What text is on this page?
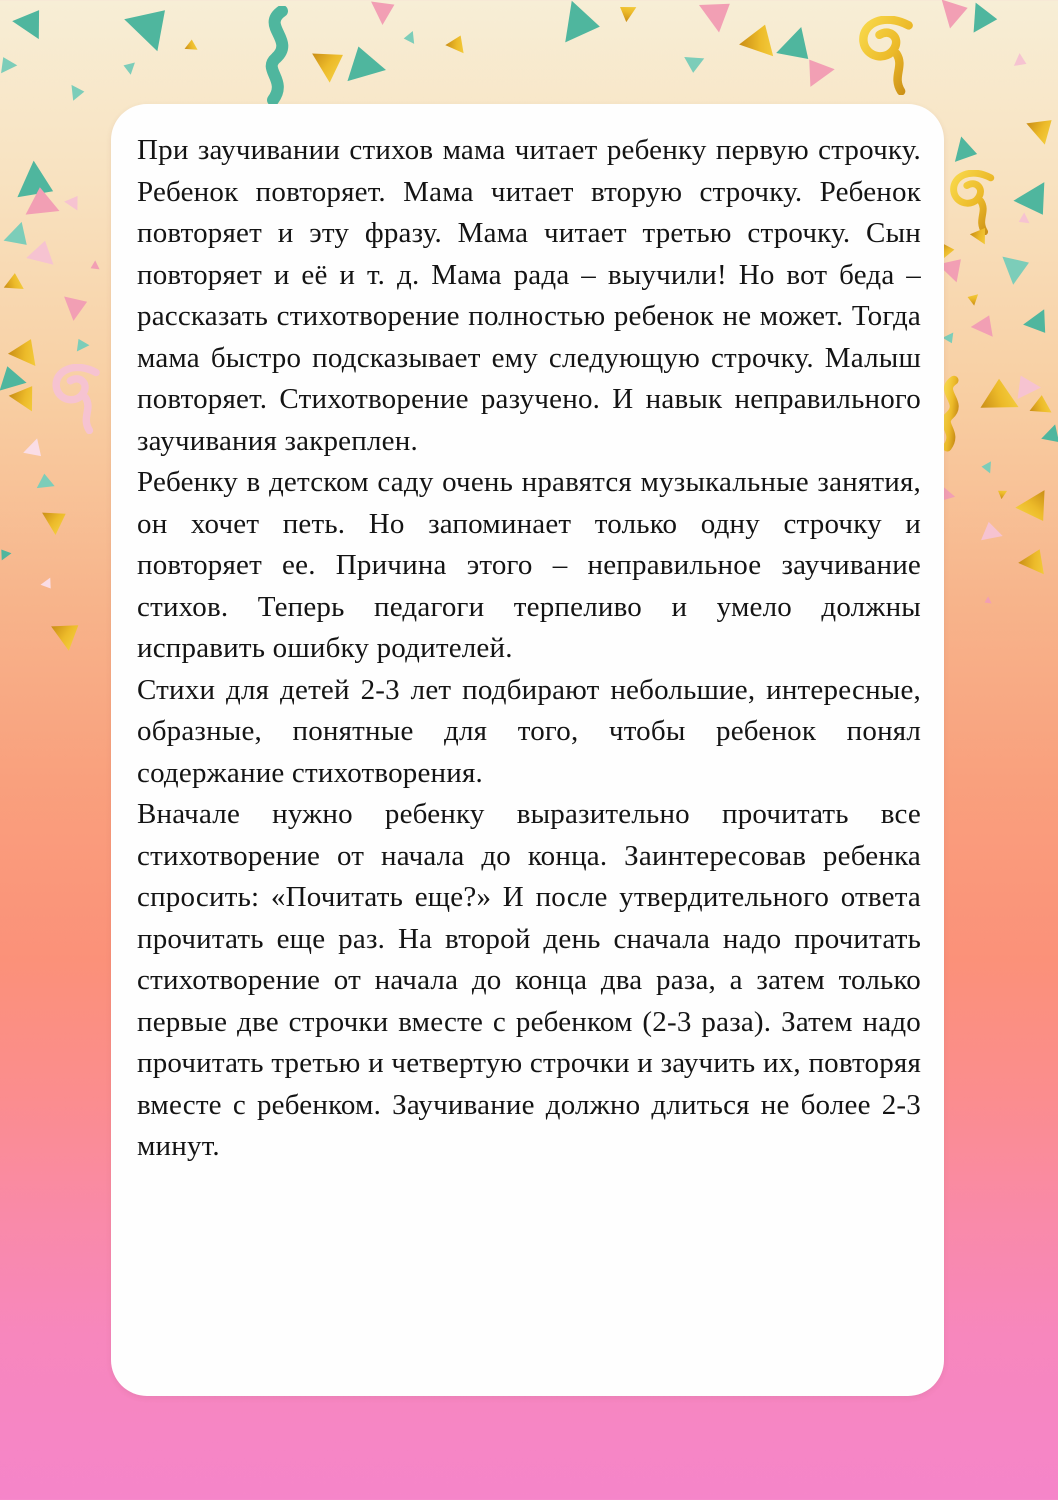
При заучивании стихов мама читает ребенку первую строчку. Ребенок повторяет. Мама читает вторую строчку. Ребенок повторяет и эту фразу. Мама читает третью строчку. Сын повторяет и её и т. д. Мама рада – выучили! Но вот беда – рассказать стихотворение полностью ребенок не может. Тогда мама быстро подсказывает ему следующую строчку. Малыш повторяет. Стихотворение разучено. И навык неправильного заучивания закреплен.

Ребенку в детском саду очень нравятся музыкальные занятия, он хочет петь. Но запоминает только одну строчку и повторяет ее. Причина этого – неправильное заучивание стихов. Теперь педагоги терпеливо и умело должны исправить ошибку родителей.

Стихи для детей 2-3 лет подбирают небольшие, интересные, образные, понятные для того, чтобы ребенок понял содержание стихотворения.

Вначале нужно ребенку выразительно прочитать все стихотворение от начала до конца. Заинтересовав ребенка спросить: «Почитать еще?» И после утвердительного ответа прочитать еще раз. На второй день сначала надо прочитать стихотворение от начала до конца два раза, а затем только первые две строчки вместе с ребенком (2-3 раза). Затем надо прочитать третью и четвертую строчки и заучить их, повторяя вместе с ребенком. Заучивание должно длиться не более 2-3 минут.
